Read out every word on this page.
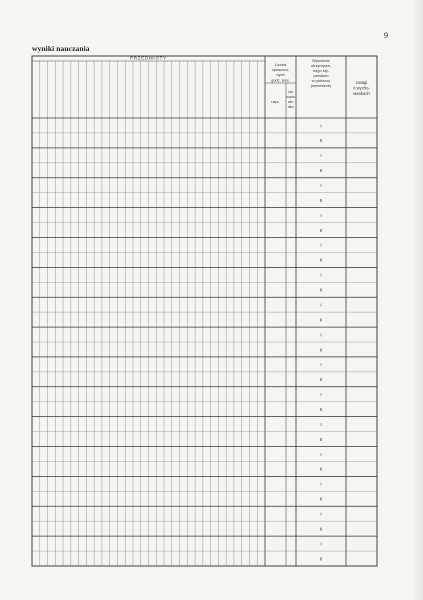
9
wyniki nauczania
PRZEDMIOTY
Liczba
opuszczo-
nych
godz. lekc.
uspr.
nie-
uspra-
wie-
dliw.
Wysokość
otrzymywa-
nego sty-
pendium
w półroczu
(semestrze)
Uwagi
o wycho-
wankach
I
II
I
II
I
II
I
II
I
II
I
II
I
II
I
II
I
II
I
II
I
II
I
II
I
II
I
II
I
II
